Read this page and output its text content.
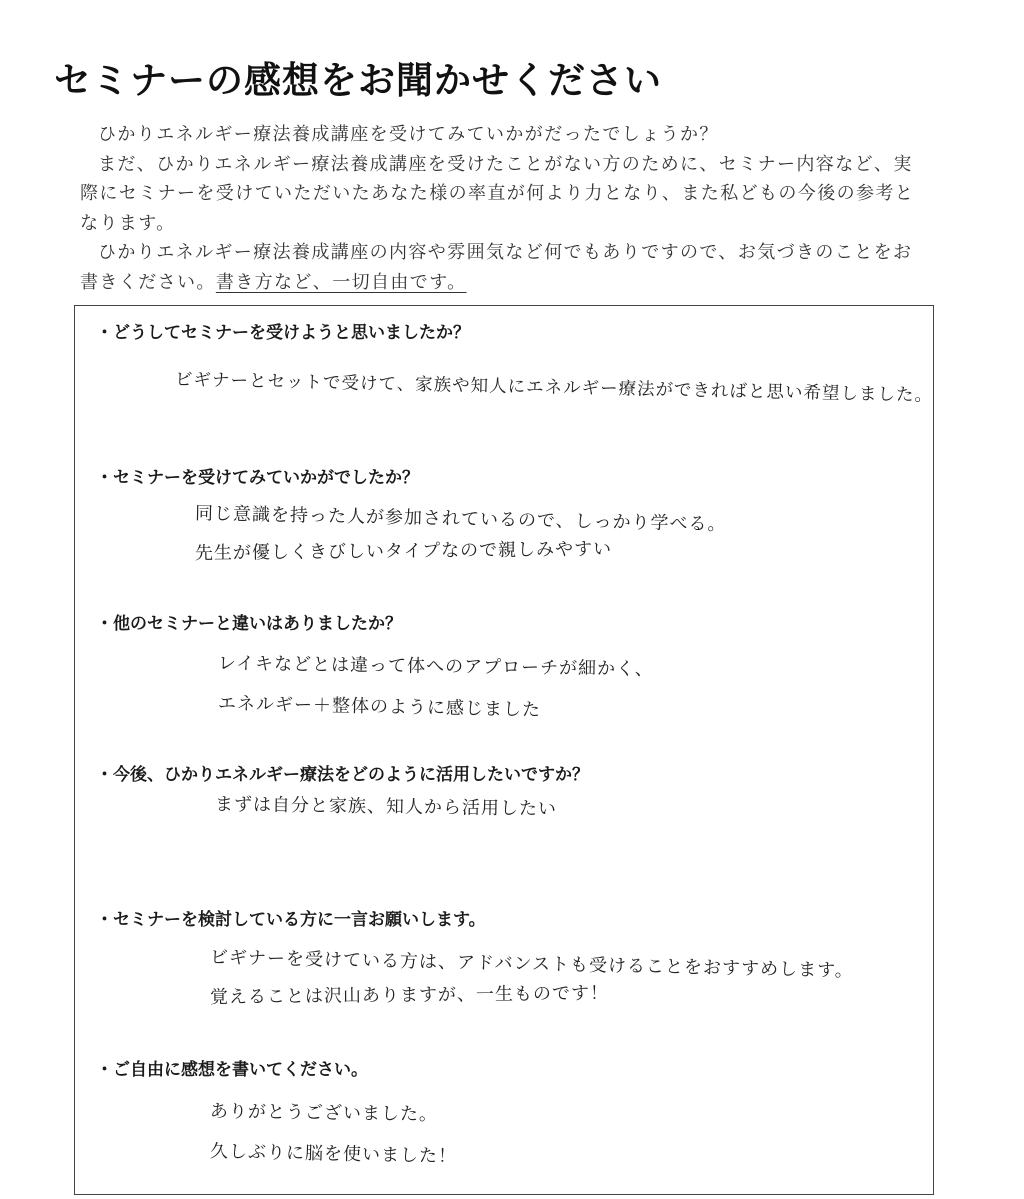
セミナーの感想をお聞かせください

ひかりエネルギー療法養成講座を受けてみていかがだったでしょうか？

まだ、ひかりエネルギー療法養成講座を受けたことがない方のために、セミナー内容など、実際にセミナーを受けていただいたあなた様の率直が何より力となり、また私どもの今後の参考となります。

ひかりエネルギー療法養成講座の内容や雰囲気など何でもありですので、お気づきのことをお書きください。書き方など、一切自由です。

・どうしてセミナーを受けようと思いましたか？
ビギナーとセットで受けて、家族や知人にエネルギー療法ができればと思い希望しました。
・セミナーを受けてみていかがでしたか？
同じ意識を持った人が参加されているので、しっかり学べる。
先生が優しくきびしいタイプなので親しみやすい
・他のセミナーと違いはありましたか？
レイキなどとは違って体へのアプローチが細かく、
エネルギー＋整体のように感じました
・今後、ひかりエネルギー療法をどのように活用したいですか？
まずは自分と家族、知人から活用したい
・セミナーを検討している方に一言お願いします。
ビギナーを受けている方は、アドバンストも受けることをおすすめします。
覚えることは沢山ありますが、一生ものです！
・ご自由に感想を書いてください。
ありがとうございました。
久しぶりに脳を使いました！
